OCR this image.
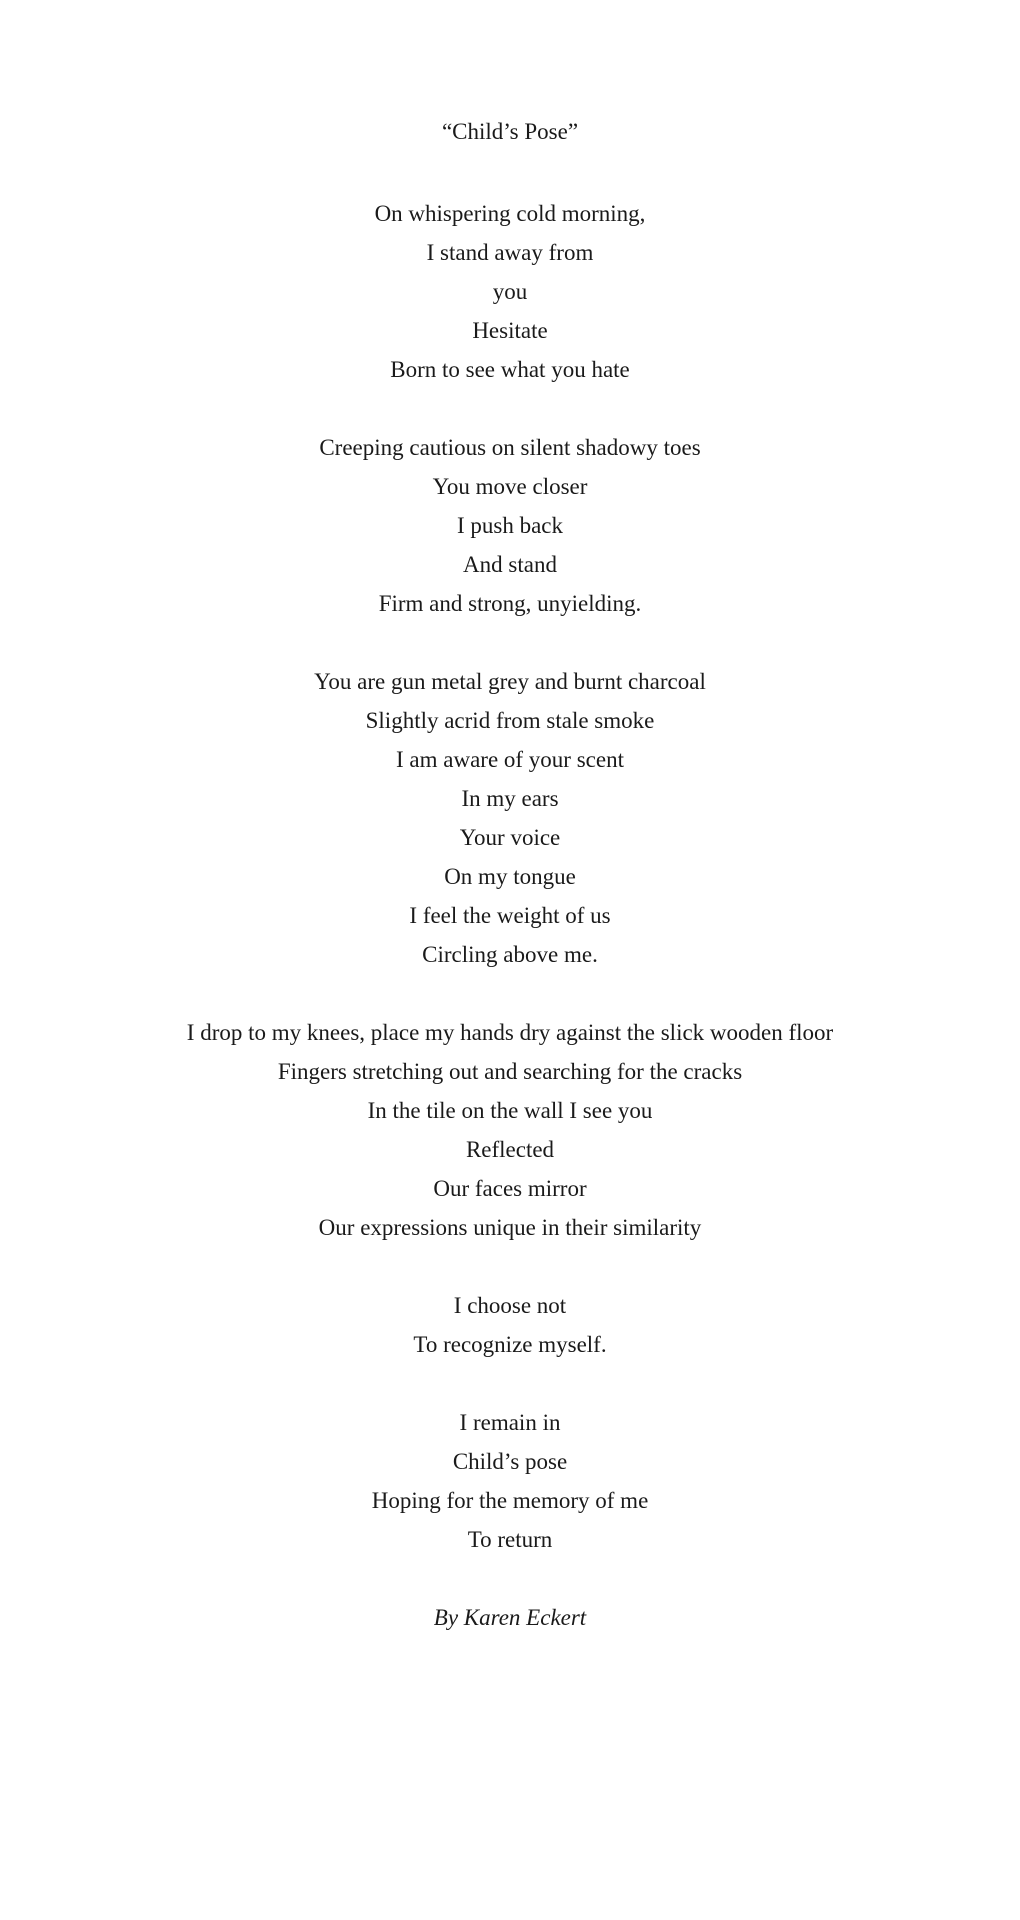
“Child’s Pose”
On whispering cold morning,
I stand away from
you
Hesitate
Born to see what you hate
Creeping cautious on silent shadowy toes
You move closer
I push back
And stand
Firm and strong, unyielding.
You are gun metal grey and burnt charcoal
Slightly acrid from stale smoke
I am aware of your scent
In my ears
Your voice
On my tongue
I feel the weight of us
Circling above me.
I drop to my knees, place my hands dry against the slick wooden floor
Fingers stretching out and searching for the cracks
In the tile on the wall I see you
Reflected
Our faces mirror
Our expressions unique in their similarity
I choose not
To recognize myself.
I remain in
Child’s pose
Hoping for the memory of me
To return
By Karen Eckert
